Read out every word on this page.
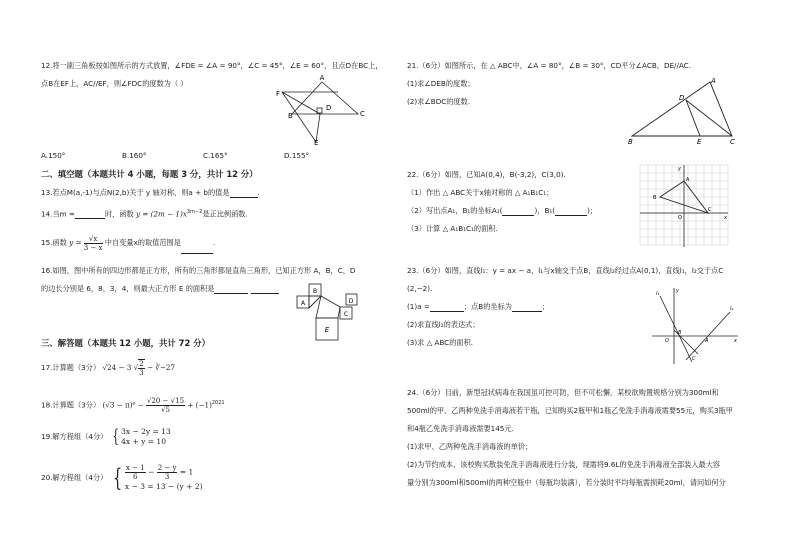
12.将一副三角板按如图所示的方式放置，∠FDE = ∠A = 90°，∠C = 45°，∠E = 60°，且点D在BC上，
点B在EF上，AC//EF，则∠FDC的度数为（ ）
A
F
D
B	C
E
A.150°	B.160°	C.165°	D.155°
二、填空题（本题共计 4 小题，每题 3 分，共计 12 分）
13.若点M(a,-1)与点N(2,b)关于 y 轴对称，则a + b的值是	.
14.当m =	时，函数 $y = (2m - 1)x^{3m-2}$是正比例函数.
15.函数 $y = \frac{√x}{3 - x}$ 中自变量x的取值范围是	.
16.如图，图中所有的四边形都是正方形，所有的三角形都是直角三角形，已知正方形 A，B，C，D
的边长分别是 6，8，3，4，则最大正方形 E 的面积是	B
A	D
C
E
三、解答题（本题共 12 小题，共计 72 分）
17.计算题（3分） √24 − 3 √ $\frac{2}{3}$ − ∛−27
18.计算题（3分） $(√3 - \pi)^0 - \frac{√20 - √15}{√5} + (-1)^{2021}$
19.解方程组（4分） { 3x − 2y = 13
4x + y = 10
20.解方程组（4分） { $\frac{x - 1}{6} - \frac{2 - y}{3} = 1$
x − 3 = 13 − (y + 2)
21.（6分）如图所示，在 △ ABC中，∠A = 80°，∠B = 30°，CD平分∠ACB，DE//AC.
(1)求∠DEB的度数；
(2)求∠BDC的度数.
A
D
B	E	C
22.（6分）如图，已知A(0,4)，B(-3,2)，C(3,0).
（1）作出 △ ABC关于x轴对称的 △ A₁B₁C₁；
（2）写出点A₁，B₁的坐标A₁(	)，B₁(	)；
（3）计算 △ A₁B₁C₁的面积.
y
A
B
C
O	x
23.（6分）如图，直线l₁：y = ax − a，l₁与x轴交于点B，直线l₂经过点A(0,1)，直线l₁，l₂交于点C
(2,−2).
(1)a =	；点B的坐标为	；
(2)求直线l₂的表达式；
(3)求 △ ABC的面积.
l₁	y
l₂
O
B
A	x
C
24.（6分）目前，新型冠状病毒在我国虽可控可防，但不可松懈，某校欲购置规格分别为300ml和
500ml的甲、乙两种免洗手消毒液若干瓶，已知购买2瓶甲和1瓶乙免洗手消毒液需要55元，购买3瓶甲
和4瓶乙免洗手消毒液需要145元.
(1)求甲、乙两种免洗手消毒液的单价；
(2)为节约成本，该校购买散装免洗手消毒液进行分装，现需将9.6L的免洗手消毒液全部装入最大容
量分别为300ml和500ml的两种空瓶中（每瓶均装满），若分装时平均每瓶需损耗20ml，请问如何分
